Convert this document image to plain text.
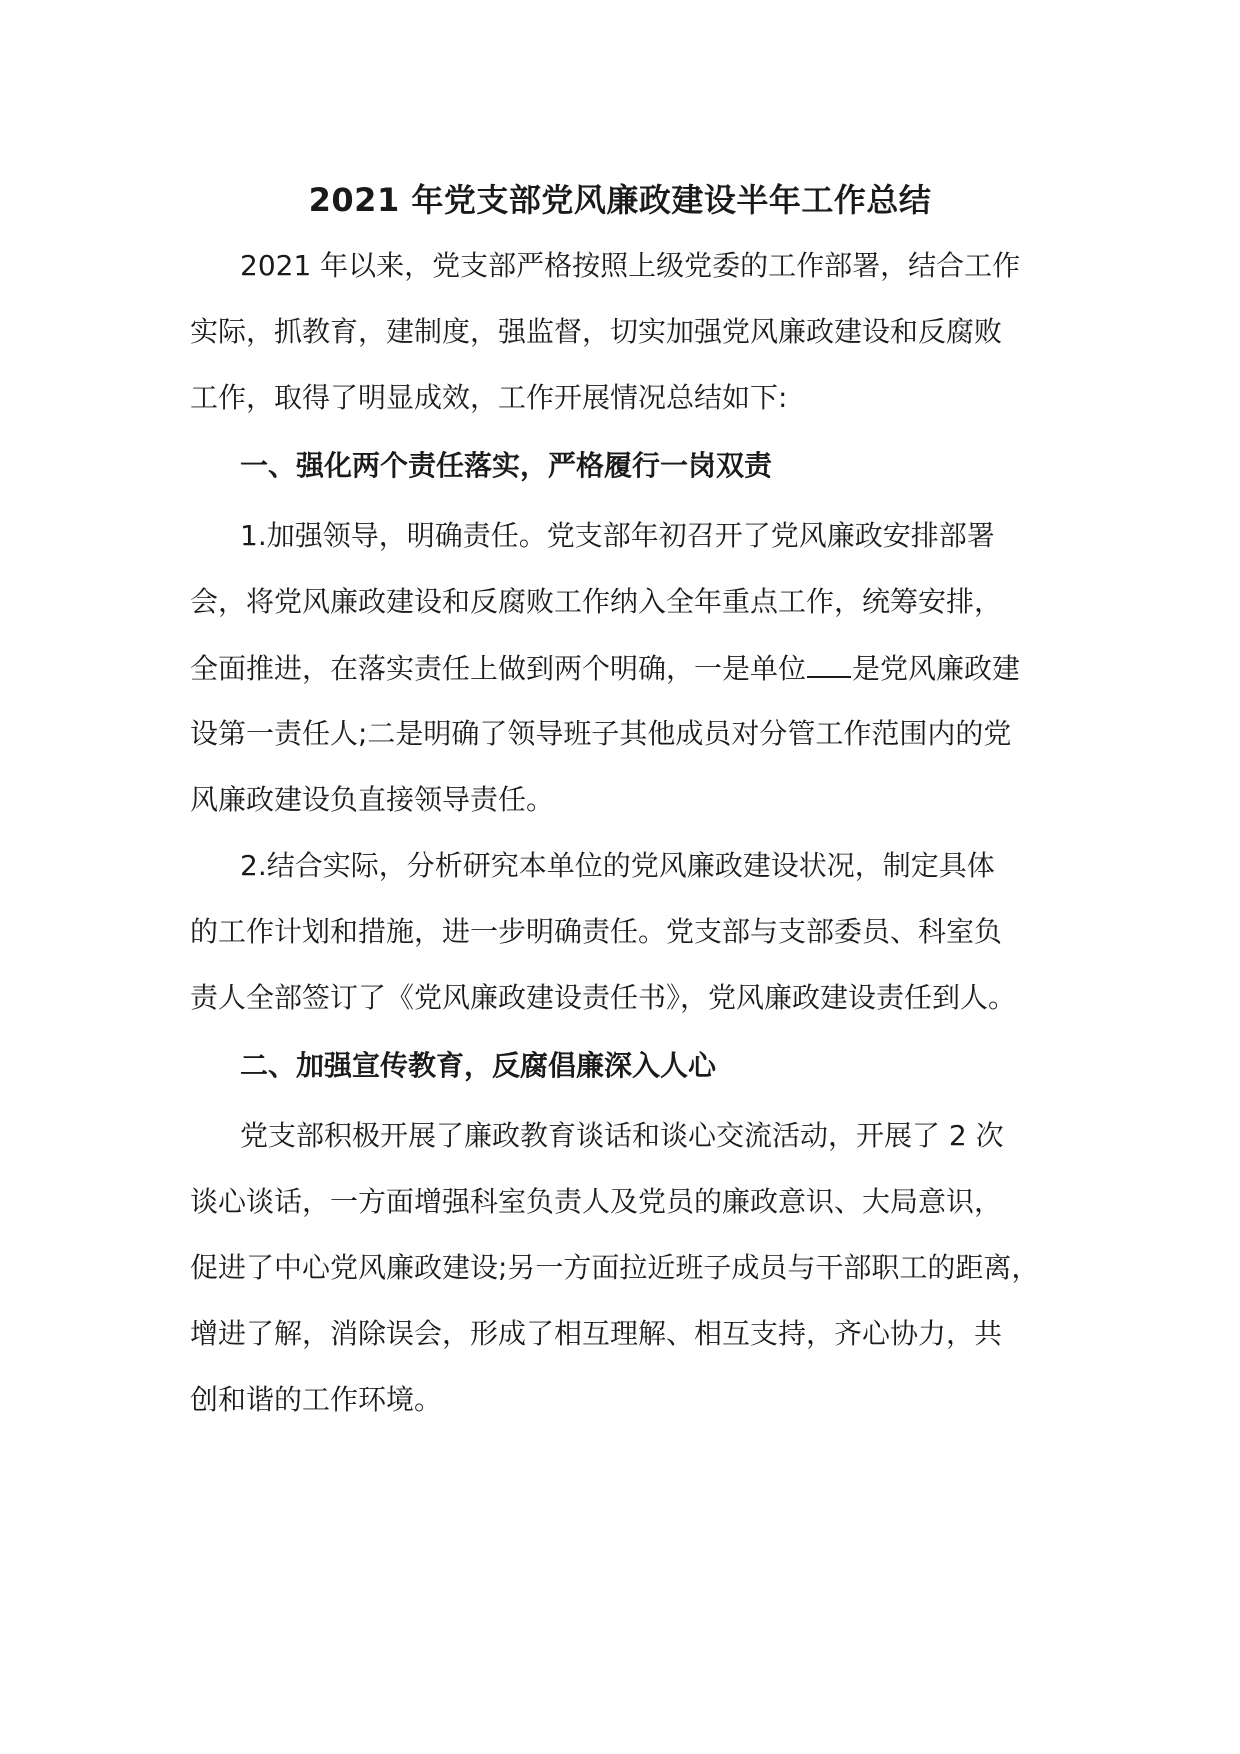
2021 年党支部党风廉政建设半年工作总结
2021 年以来，党支部严格按照上级党委的工作部署，结合工作
实际，抓教育，建制度，强监督，切实加强党风廉政建设和反腐败
工作，取得了明显成效，工作开展情况总结如下:
一、强化两个责任落实，严格履行一岗双责
1.加强领导，明确责任。党支部年初召开了党风廉政安排部署
会，将党风廉政建设和反腐败工作纳入全年重点工作，统筹安排，
全面推进，在落实责任上做到两个明确，一是单位 是党风廉政建
设第一责任人;二是明确了领导班子其他成员对分管工作范围内的党
风廉政建设负直接领导责任。
2.结合实际，分析研究本单位的党风廉政建设状况，制定具体
的工作计划和措施，进一步明确责任。党支部与支部委员、科室负
责人全部签订了《党风廉政建设责任书》，党风廉政建设责任到人。
二、加强宣传教育，反腐倡廉深入人心
党支部积极开展了廉政教育谈话和谈心交流活动，开展了 2 次
谈心谈话，一方面增强科室负责人及党员的廉政意识、大局意识，
促进了中心党风廉政建设;另一方面拉近班子成员与干部职工的距离，
增进了解，消除误会，形成了相互理解、相互支持，齐心协力，共
创和谐的工作环境。
